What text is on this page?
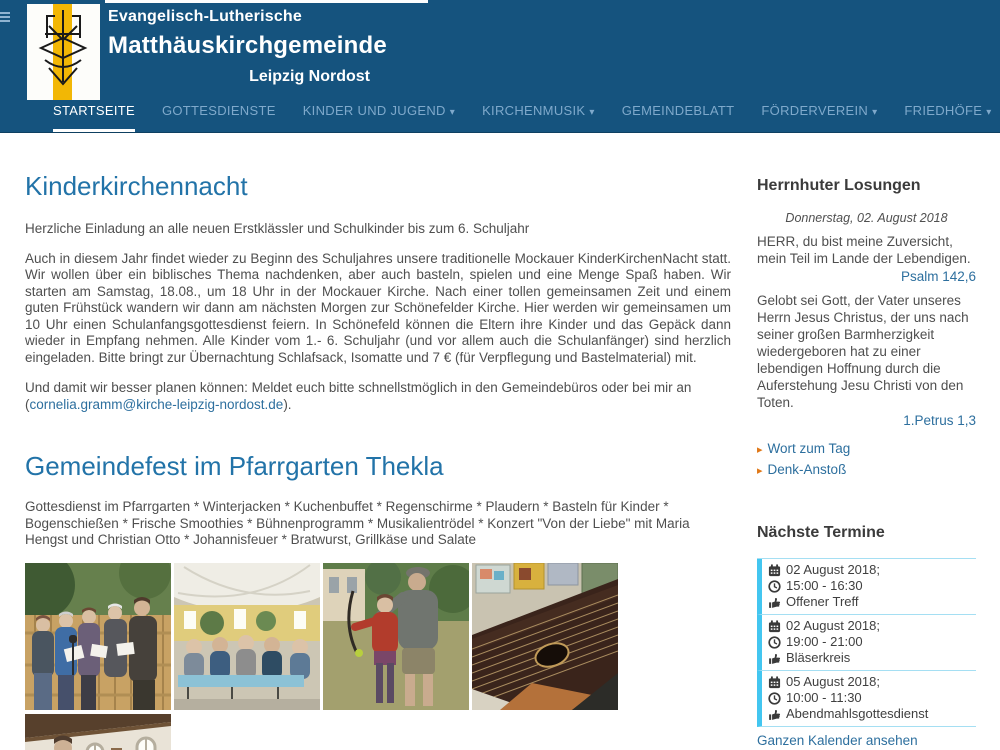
Evangelisch-Lutherische
Matthäuskirchgemeinde
Leipzig Nordost
STARTSEITE GOTTESDIENSTE KINDER UND JUGEND ▾ KIRCHENMUSIK ▾ GEMEINDEBLATT FÖRDERVEREIN ▾ FRIEDHÖFE ▾
Kinderkirchennacht

Herzliche Einladung an alle neuen Erstklässler und Schulkinder bis zum 6. Schuljahr

Auch in diesem Jahr findet wieder zu Beginn des Schuljahres unsere traditionelle Mockauer KinderKirchenNacht statt. Wir wollen über ein biblisches Thema nachdenken, aber auch basteln, spielen und eine Menge Spaß haben. Wir starten am Samstag, 18.08., um 18 Uhr in der Mockauer Kirche. Nach einer tollen gemeinsamen Zeit und einem guten Frühstück wandern wir dann am nächsten Morgen zur Schönefelder Kirche. Hier werden wir gemeinsamen um 10 Uhr einen Schulanfangsgottesdienst feiern. In Schönefeld können die Eltern ihre Kinder und das Gepäck dann wieder in Empfang nehmen. Alle Kinder vom 1.- 6. Schuljahr (und vor allem auch die Schulanfänger) sind herzlich eingeladen. Bitte bringt zur Übernachtung Schlafsack, Isomatte und 7 € (für Verpflegung und Bastelmaterial) mit.

Und damit wir besser planen können: Meldet euch bitte schnellstmöglich in den Gemeindebüros oder bei mir an (cornelia.gramm@kirche-leipzig-nordost.de).

Gemeindefest im Pfarrgarten Thekla

Gottesdienst im Pfarrgarten * Winterjacken * Kuchenbuffet * Regenschirme * Plaudern * Basteln für Kinder * Bogenschießen * Frische Smoothies * Bühnenprogramm * Musikalientrödel * Konzert "Von der Liebe" mit Maria Hengst und Christian Otto * Johannisfeuer * Bratwurst, Grillkäse und Salate

Herrnhuter Losungen
Donnerstag, 02. August 2018

HERR, du bist meine Zuversicht, mein Teil im Lande der Lebendigen.

Psalm 142,6

Gelobt sei Gott, der Vater unseres Herrn Jesus Christus, der uns nach seiner großen Barmherzigkeit wiedergeboren hat zu einer lebendigen Hoffnung durch die Auferstehung Jesu Christi von den Toten.

1.Petrus 1,3
▸ Wort zum Tag
▸ Denk-Anstoß
Nächste Termine
02 August 2018;
15:00 - 16:30
Offener Treff
02 August 2018;
19:00 - 21:00
Bläserkreis
05 August 2018;
10:00 - 11:30
Abendmahlsgottesdienst
Ganzen Kalender ansehen
